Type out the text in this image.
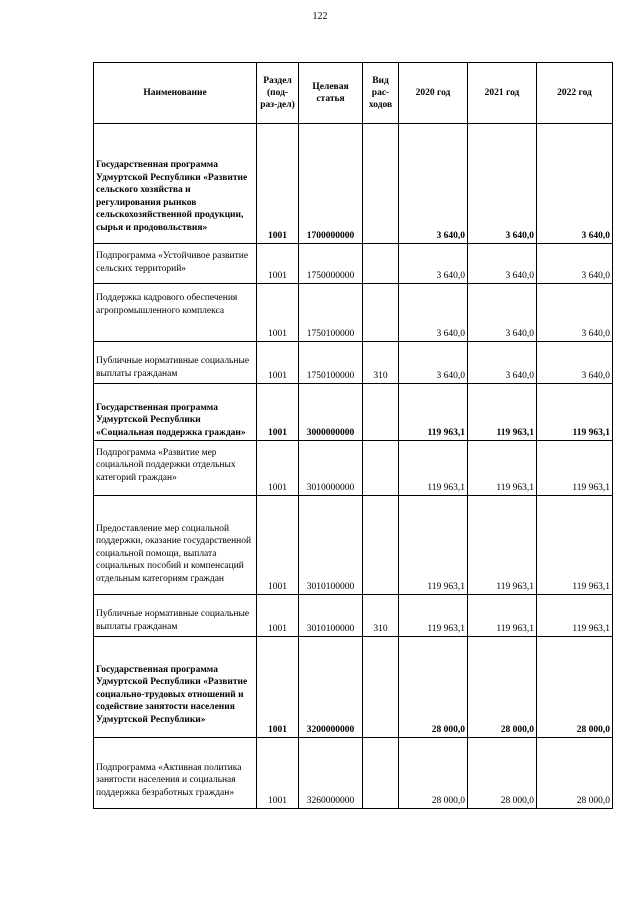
122
Наименование	Раздел (под-раз-дел)	Целевая статья	Вид рас-ходов	2020 год	2021 год	2022 год

Государственная программа Удмуртской Республики «Развитие сельского хозяйства и регулирования рынков сельскохозяйственной продукции, сырья и продовольствия»	1001	1700000000		3 640,0	3 640,0	3 640,0

Подпрограмма «Устойчивое развитие сельских территорий»	1001	1750000000		3 640,0	3 640,0	3 640,0

Поддержка кадрового обеспечения агропромышленного комплекса	1001	1750100000		3 640,0	3 640,0	3 640,0

Публичные нормативные социальные выплаты гражданам	1001	1750100000	310	3 640,0	3 640,0	3 640,0

Государственная программа Удмуртской Республики «Социальная поддержка граждан»	1001	3000000000		119 963,1	119 963,1	119 963,1

Подпрограмма «Развитие мер социальной поддержки отдельных категорий граждан»	1001	3010000000		119 963,1	119 963,1	119 963,1

Предоставление мер социальной поддержки, оказание государственной социальной помощи, выплата социальных пособий и компенсаций отдельным категориям граждан	1001	3010100000		119 963,1	119 963,1	119 963,1

Публичные нормативные социальные выплаты гражданам	1001	3010100000	310	119 963,1	119 963,1	119 963,1

Государственная программа Удмуртской Республики «Развитие социально-трудовых отношений и содействие занятости населения Удмуртской Республики»	1001	3200000000		28 000,0	28 000,0	28 000,0

Подпрограмма «Активная политика занятости населения и социальная поддержка безработных граждан»	1001	3260000000		28 000,0	28 000,0	28 000,0
